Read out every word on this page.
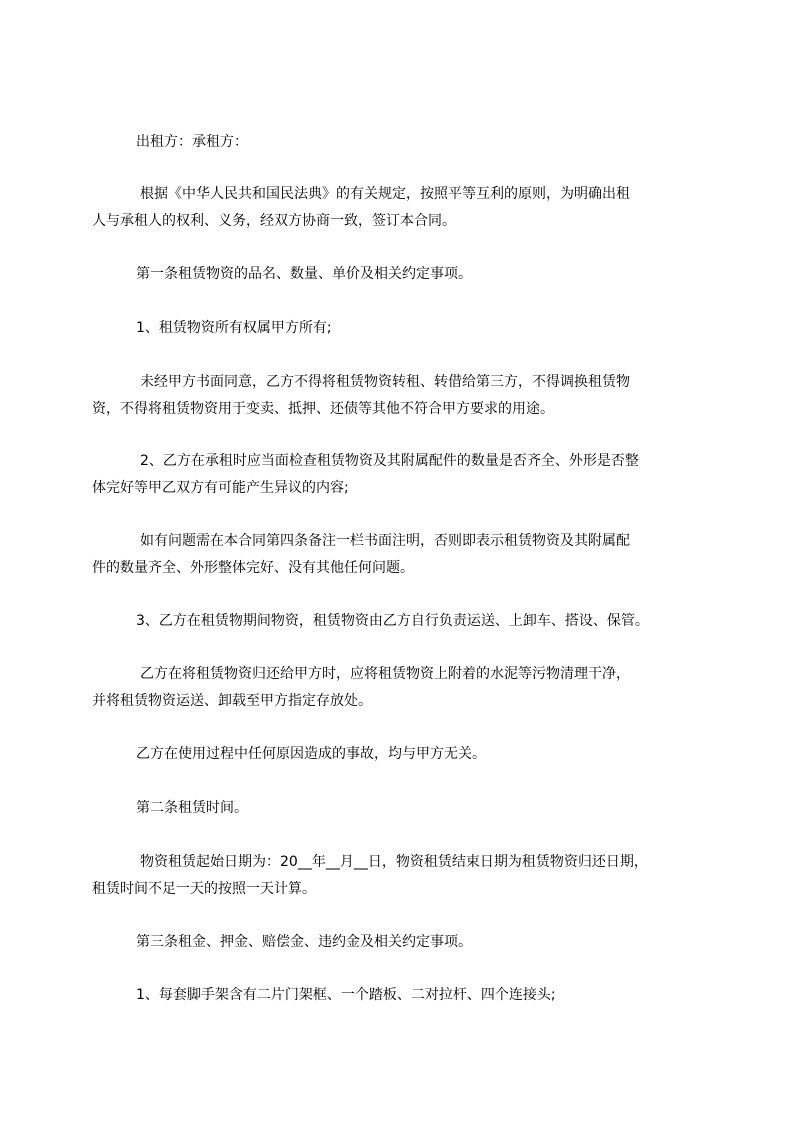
出租方：承租方：

根据《中华人民共和国民法典》的有关规定，按照平等互利的原则，为明确出租
人与承租人的权利、义务，经双方协商一致，签订本合同。

第一条租赁物资的品名、数量、单价及相关约定事项。

1、租赁物资所有权属甲方所有;

未经甲方书面同意，乙方不得将租赁物资转租、转借给第三方，不得调换租赁物
资，不得将租赁物资用于变卖、抵押、还债等其他不符合甲方要求的用途。

2、乙方在承租时应当面检查租赁物资及其附属配件的数量是否齐全、外形是否整
体完好等甲乙双方有可能产生异议的内容;

如有问题需在本合同第四条备注一栏书面注明，否则即表示租赁物资及其附属配
件的数量齐全、外形整体完好、没有其他任何问题。

3、乙方在租赁物期间物资，租赁物资由乙方自行负责运送、上卸车、搭设、保管。

乙方在将租赁物资归还给甲方时，应将租赁物资上附着的水泥等污物清理干净，
并将租赁物资运送、卸载至甲方指定存放处。

乙方在使用过程中任何原因造成的事故，均与甲方无关。

第二条租赁时间。

物资租赁起始日期为：20__年__月__日，物资租赁结束日期为租赁物资归还日期，
租赁时间不足一天的按照一天计算。

第三条租金、押金、赔偿金、违约金及相关约定事项。

1、每套脚手架含有二片门架框、一个踏板、二对拉杆、四个连接头;
